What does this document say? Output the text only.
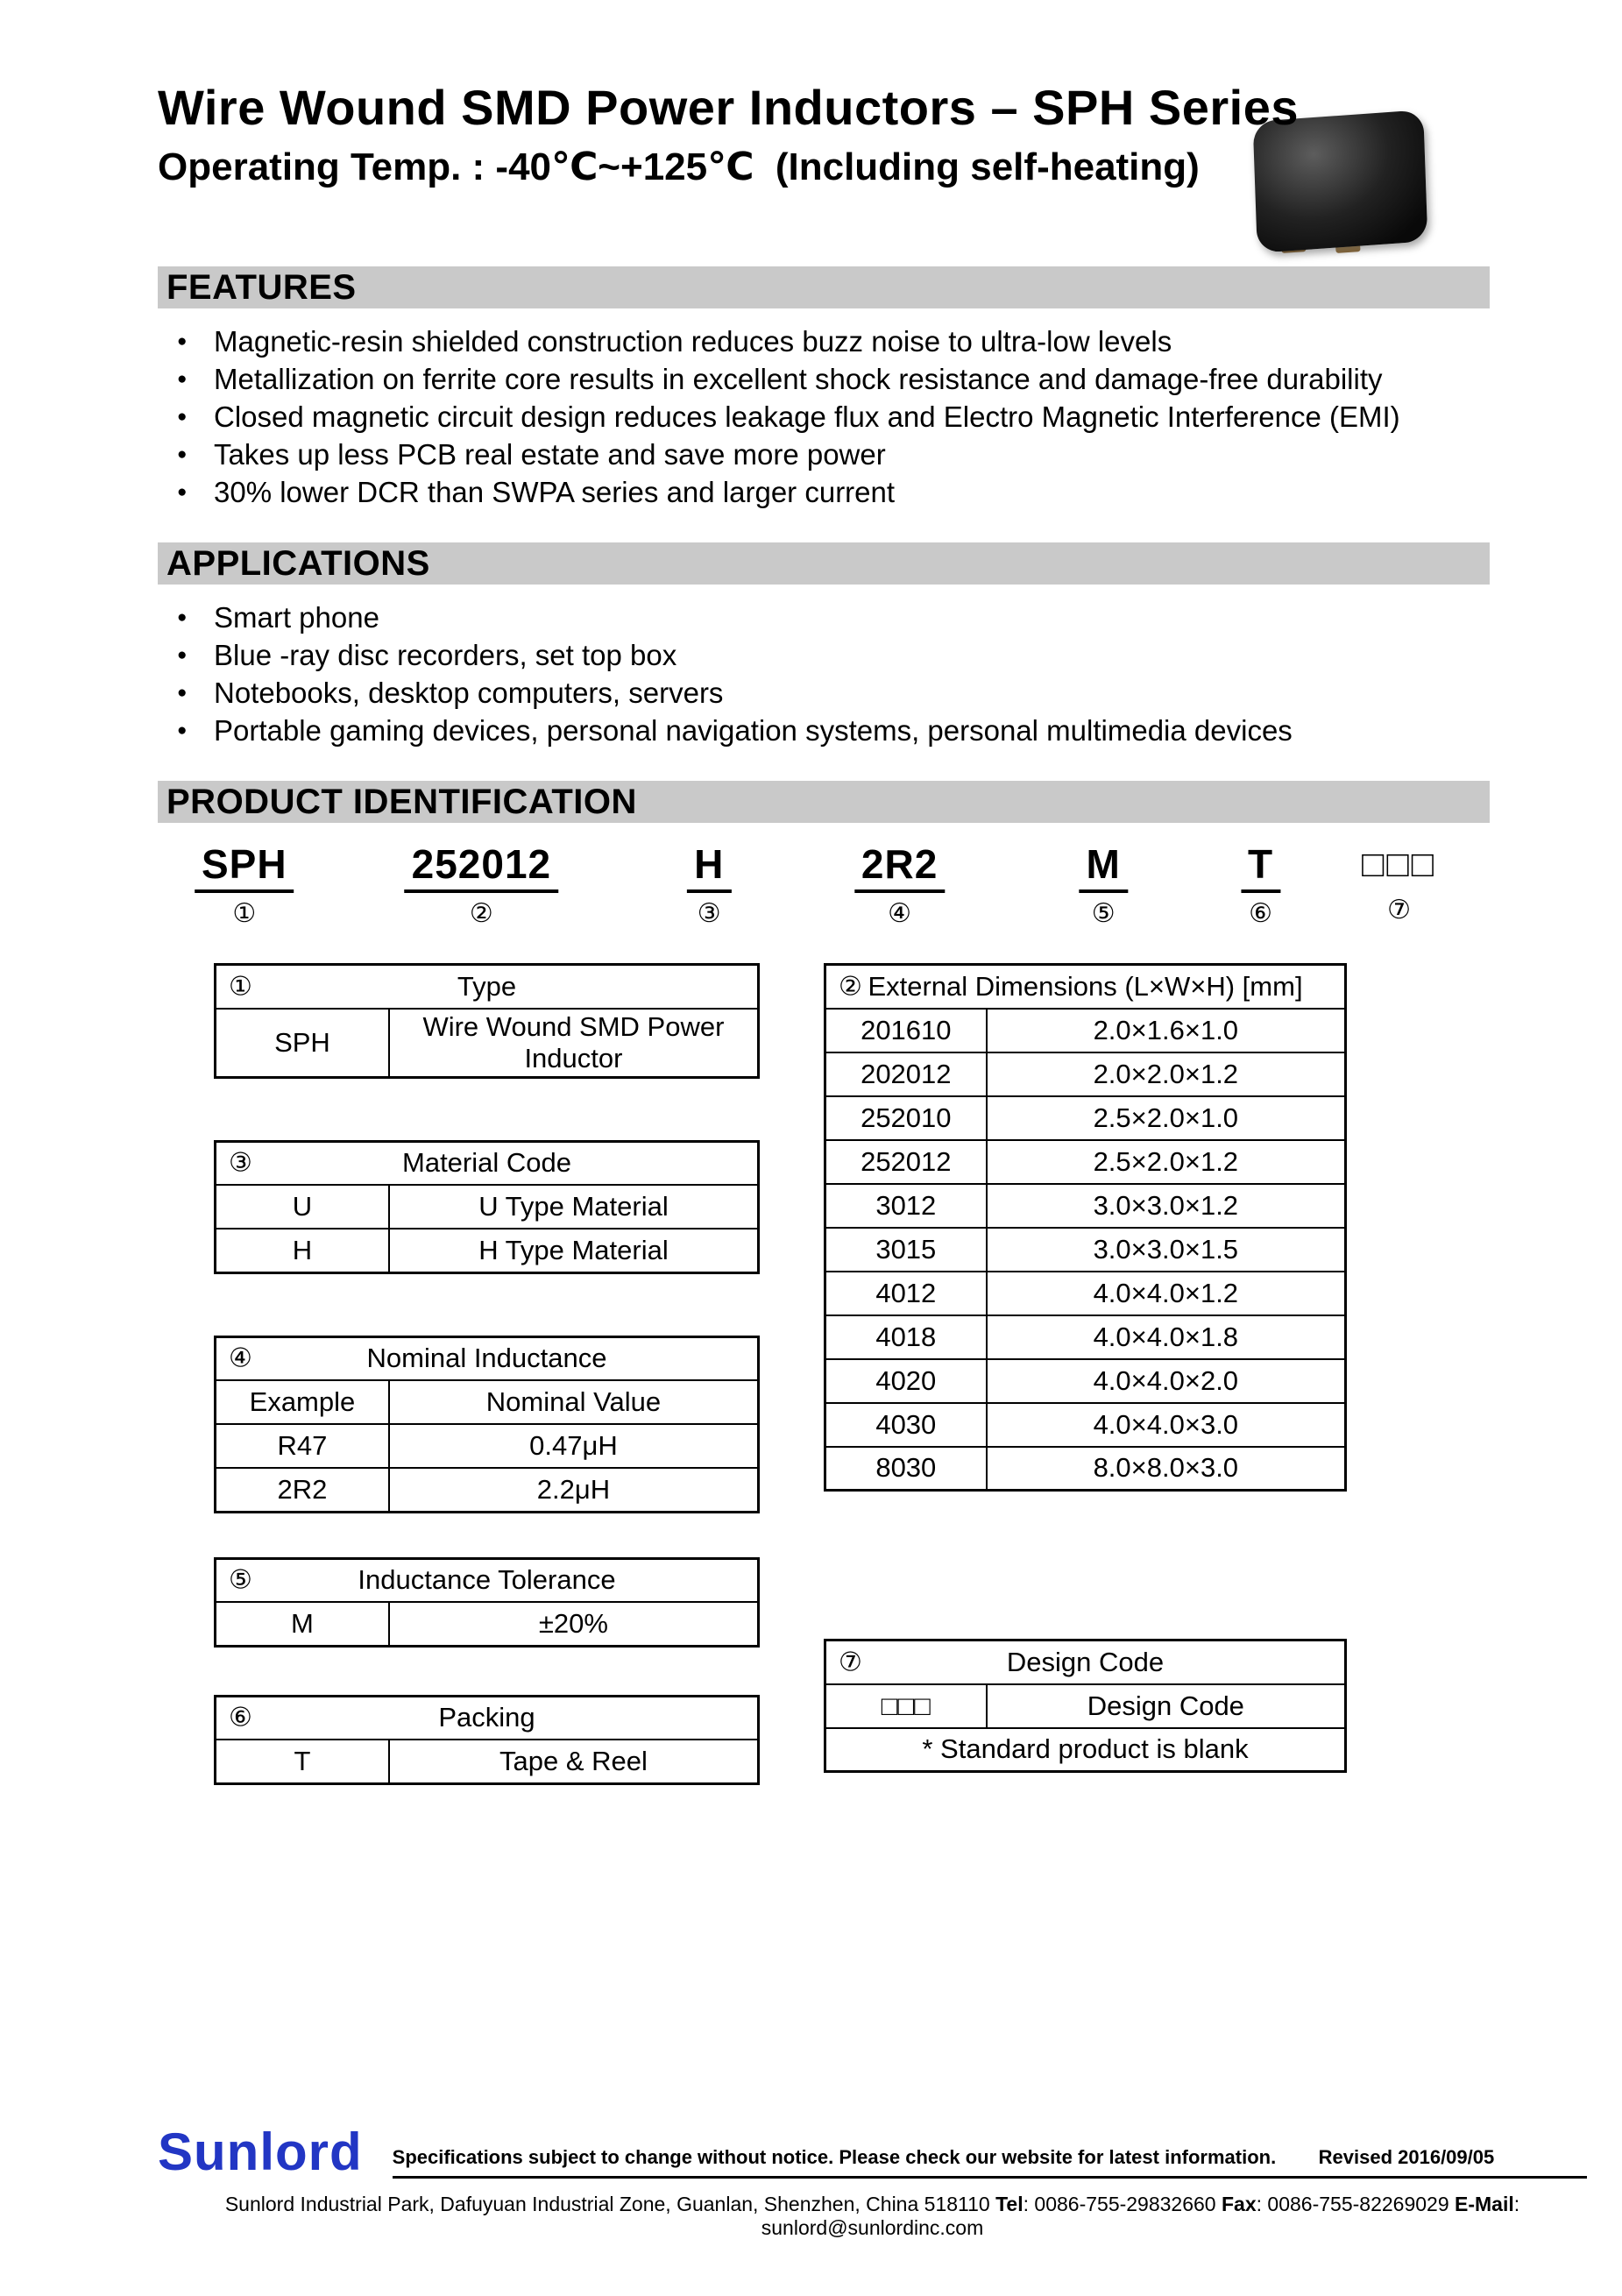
Wire Wound SMD Power Inductors – SPH Series
Operating Temp. : -40℃~+125℃  (Including self-heating)
FEATURES
● Magnetic-resin shielded construction reduces buzz noise to ultra-low levels
● Metallization on ferrite core results in excellent shock resistance and damage-free durability
● Closed magnetic circuit design reduces leakage flux and Electro Magnetic Interference (EMI)
● Takes up less PCB real estate and save more power
● 30% lower DCR than SWPA series and larger current
APPLICATIONS
● Smart phone
● Blue -ray disc recorders, set top box
● Notebooks, desktop computers, servers
● Portable gaming devices, personal navigation systems, personal multimedia devices
PRODUCT IDENTIFICATION
SPH
①
252012
②
H
③
2R2
④
M
⑤
T
⑥
□□□
⑦
①	Type
SPH	Wire Wound SMD Power Inductor
③ Material Code	
U	U Type Material
H	H Type Material
④ Nominal Inductance	
Example	Nominal Value
R47	0.47μH
2R2	2.2μH
⑤	Inductance Tolerance
M	±20%
⑥	Packing
T	Tape & Reel
② External Dimensions (L×W×H) [mm]	
201610	2.0×1.6×1.0
202012	2.0×2.0×1.2
252010	2.5×2.0×1.0
252012	2.5×2.0×1.2
3012	3.0×3.0×1.2
3015	3.0×3.0×1.5
4012	4.0×4.0×1.2
4018	4.0×4.0×1.8
4020	4.0×4.0×2.0
4030	4.0×4.0×3.0
8030	8.0×8.0×3.0
⑦	Design Code
□□□	Design Code
* Standard product is blank
Sunlord	Specifications subject to change without notice. Please check our website for latest information. Revised 2016/09/05
Sunlord Industrial Park, Dafuyuan Industrial Zone, Guanlan, Shenzhen, China 518110 Tel: 0086-755-29832660 Fax: 0086-755-82269029 E-Mail: sunlord@sunlordinc.com
